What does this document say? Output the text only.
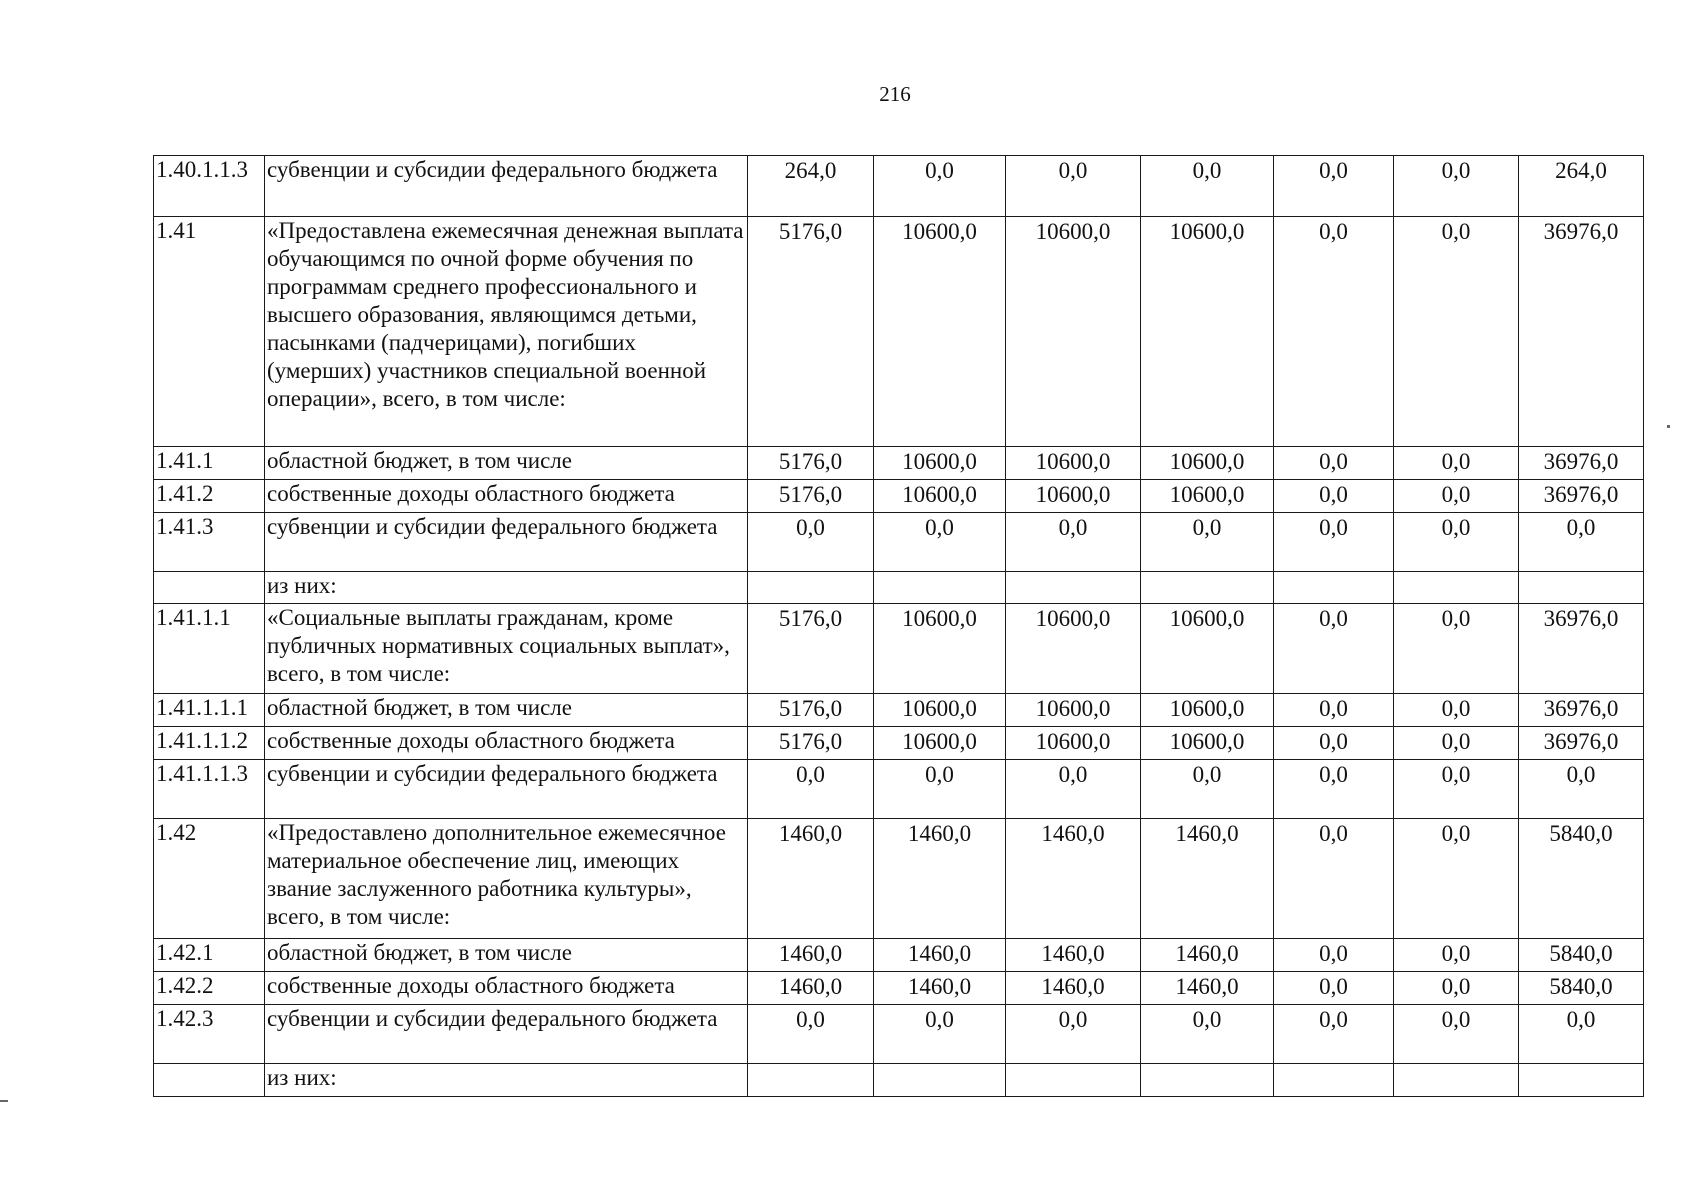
216
1.40.1.1.3	субвенции и субсидии федерального бюджета	264,0	0,0	0,0	0,0	0,0	0,0	264,0
1.41	«Предоставлена ежемесячная денежная выплата обучающимся по очной форме обучения по программам среднего профессионального и высшего образования, являющимся детьми, пасынками (падчерицами), погибших (умерших) участников специальной военной операции», всего, в том числе:	5176,0	10600,0	10600,0	10600,0	0,0	0,0	36976,0
1.41.1	областной бюджет, в том числе	5176,0	10600,0	10600,0	10600,0	0,0	0,0	36976,0
1.41.2	собственные доходы областного бюджета	5176,0	10600,0	10600,0	10600,0	0,0	0,0	36976,0
1.41.3	субвенции и субсидии федерального бюджета	0,0	0,0	0,0	0,0	0,0	0,0	0,0
	из них:							
1.41.1.1	«Социальные выплаты гражданам, кроме публичных нормативных социальных выплат», всего, в том числе:	5176,0	10600,0	10600,0	10600,0	0,0	0,0	36976,0
1.41.1.1.1	областной бюджет, в том числе	5176,0	10600,0	10600,0	10600,0	0,0	0,0	36976,0
1.41.1.1.2	собственные доходы областного бюджета	5176,0	10600,0	10600,0	10600,0	0,0	0,0	36976,0
1.41.1.1.3	субвенции и субсидии федерального бюджета	0,0	0,0	0,0	0,0	0,0	0,0	0,0
1.42	«Предоставлено дополнительное ежемесячное материальное обеспечение лиц, имеющих звание заслуженного работника культуры», всего, в том числе:	1460,0	1460,0	1460,0	1460,0	0,0	0,0	5840,0
1.42.1	областной бюджет, в том числе	1460,0	1460,0	1460,0	1460,0	0,0	0,0	5840,0
1.42.2	собственные доходы областного бюджета	1460,0	1460,0	1460,0	1460,0	0,0	0,0	5840,0
1.42.3	субвенции и субсидии федерального бюджета	0,0	0,0	0,0	0,0	0,0	0,0	0,0
	из них:							
